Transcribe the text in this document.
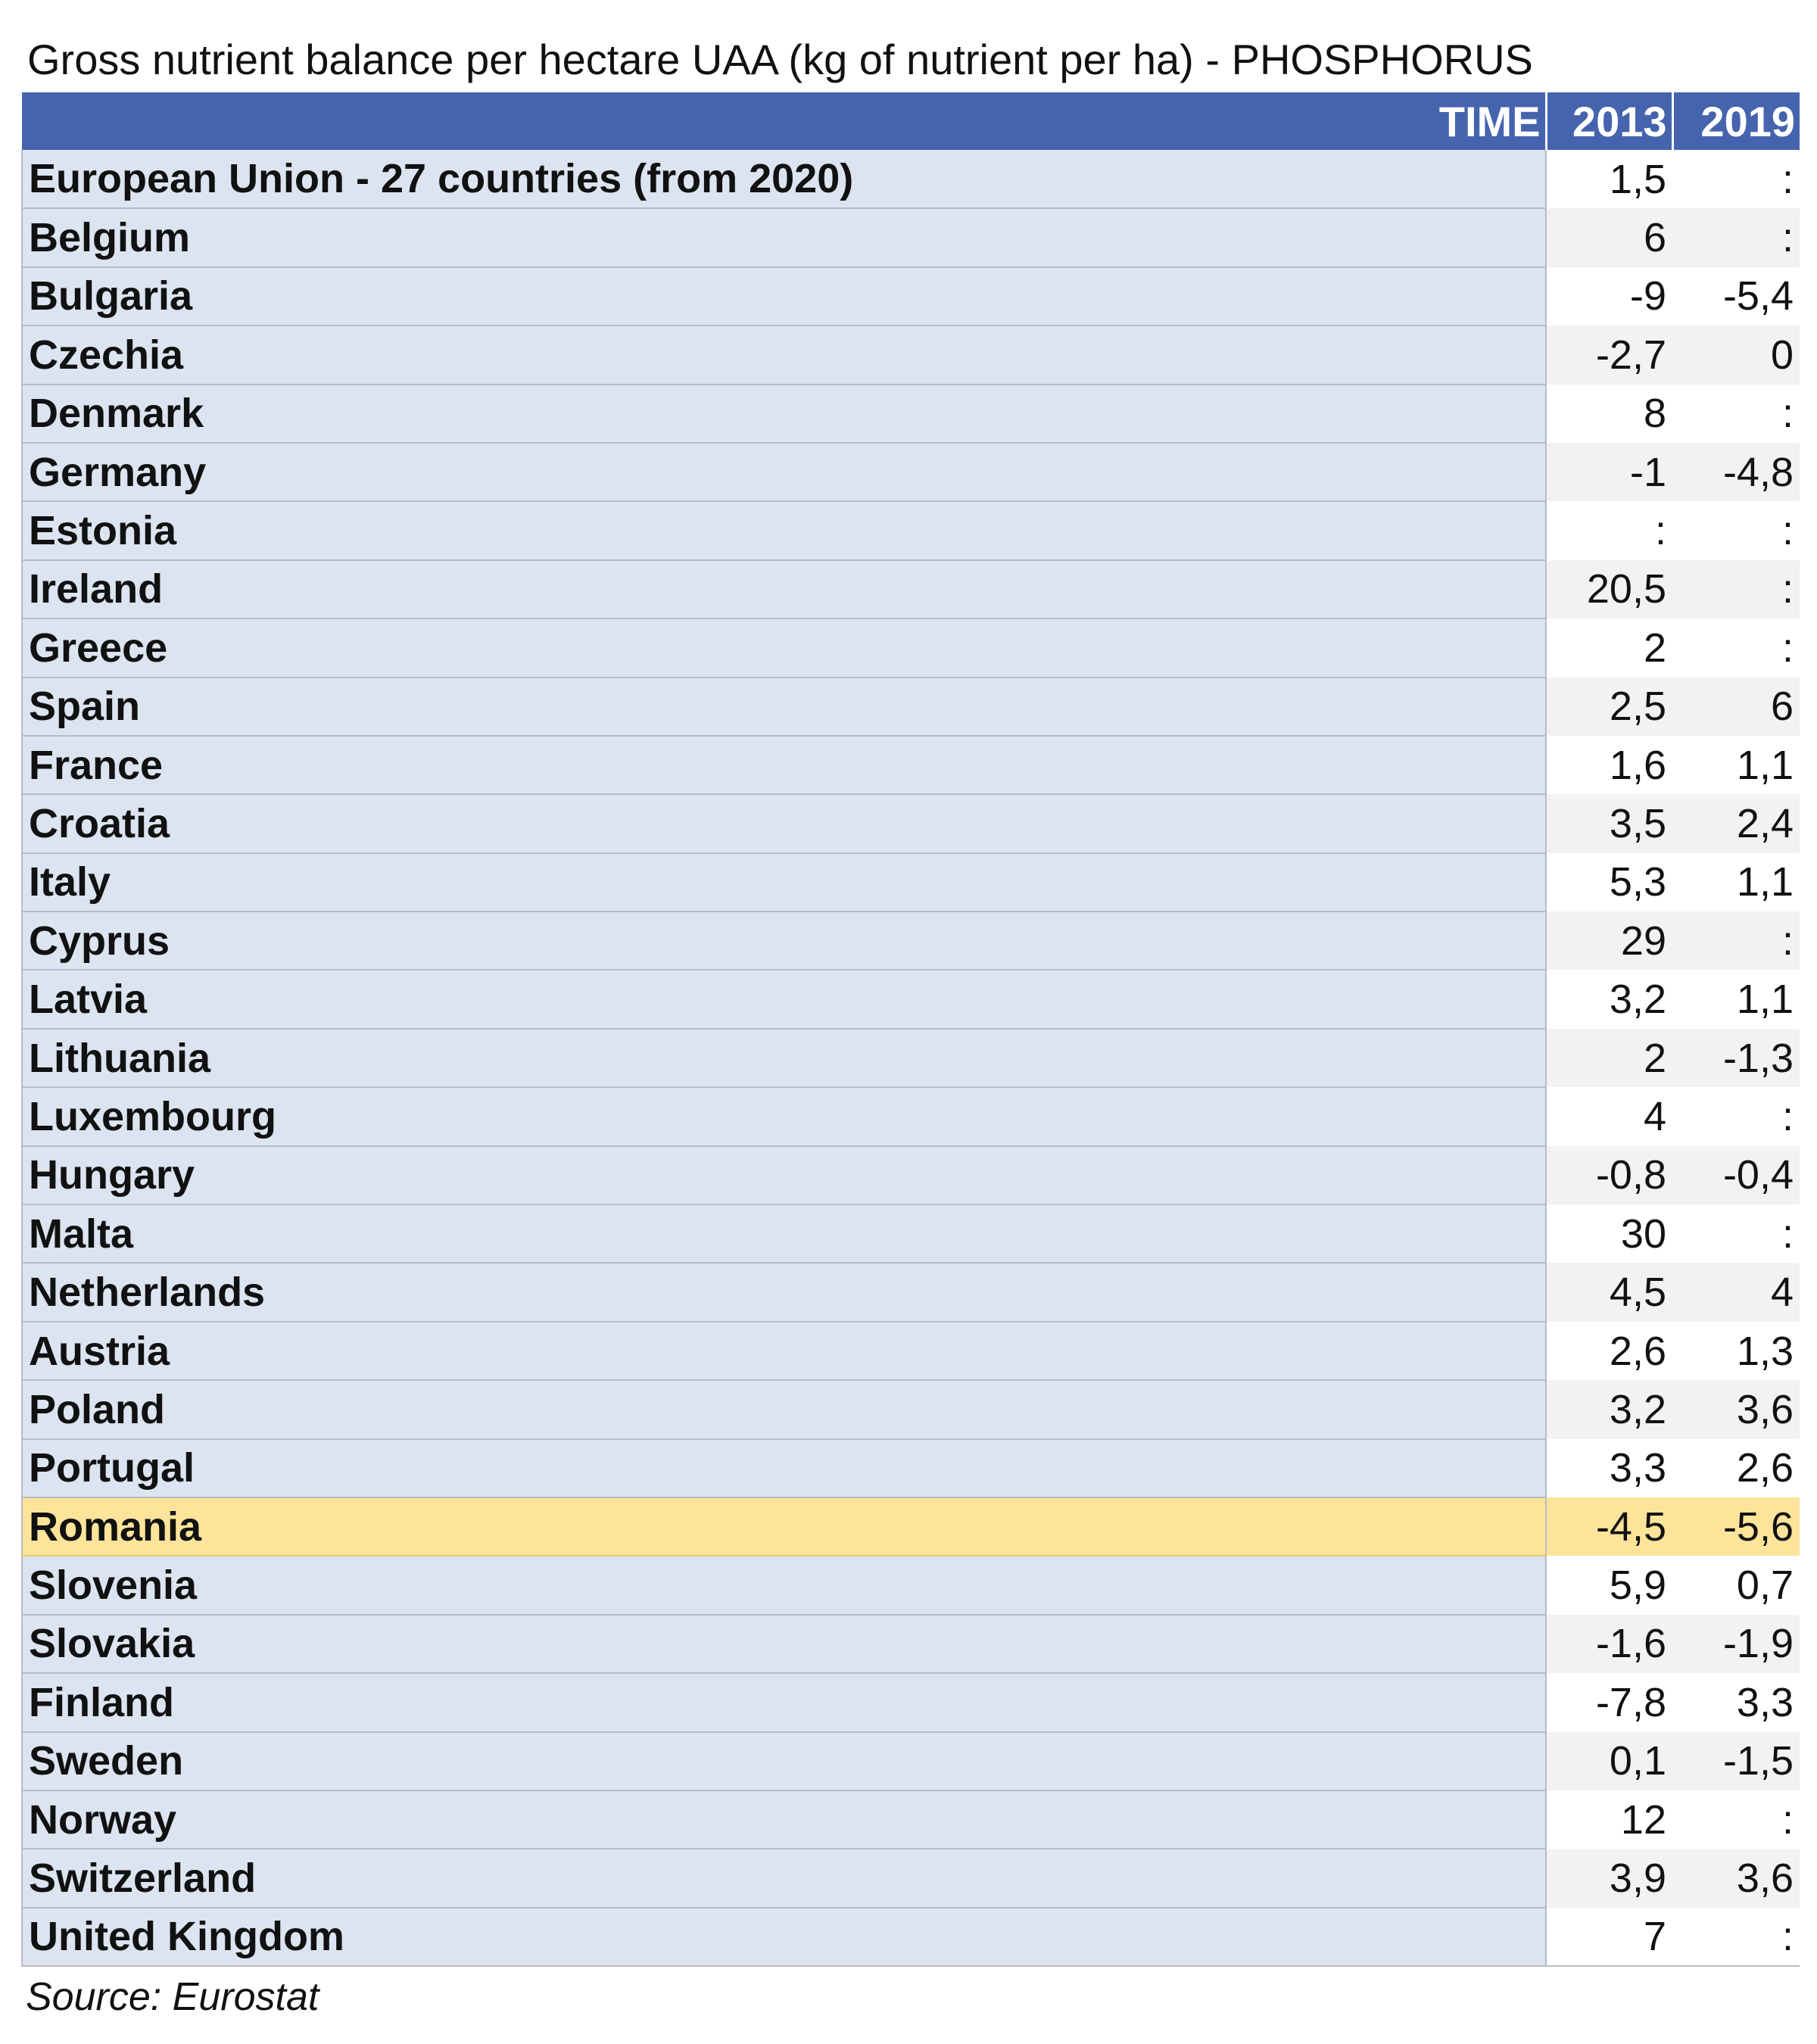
Gross nutrient balance per hectare UAA (kg of nutrient per ha) - PHOSPHORUS
TIME	2013	2019
European Union - 27 countries (from 2020)	1,5	:
Belgium	6	:
Bulgaria	-9	-5,4
Czechia	-2,7	0
Denmark	8	:
Germany	-1	-4,8
Estonia	:	:
Ireland	20,5	:
Greece	2	:
Spain	2,5	6
France	1,6	1,1
Croatia	3,5	2,4
Italy	5,3	1,1
Cyprus	29	:
Latvia	3,2	1,1
Lithuania	2	-1,3
Luxembourg	4	:
Hungary	-0,8	-0,4
Malta	30	:
Netherlands	4,5	4
Austria	2,6	1,3
Poland	3,2	3,6
Portugal	3,3	2,6
Romania	-4,5	-5,6
Slovenia	5,9	0,7
Slovakia	-1,6	-1,9
Finland	-7,8	3,3
Sweden	0,1	-1,5
Norway	12	:
Switzerland	3,9	3,6
United Kingdom	7	:
Source: Eurostat
